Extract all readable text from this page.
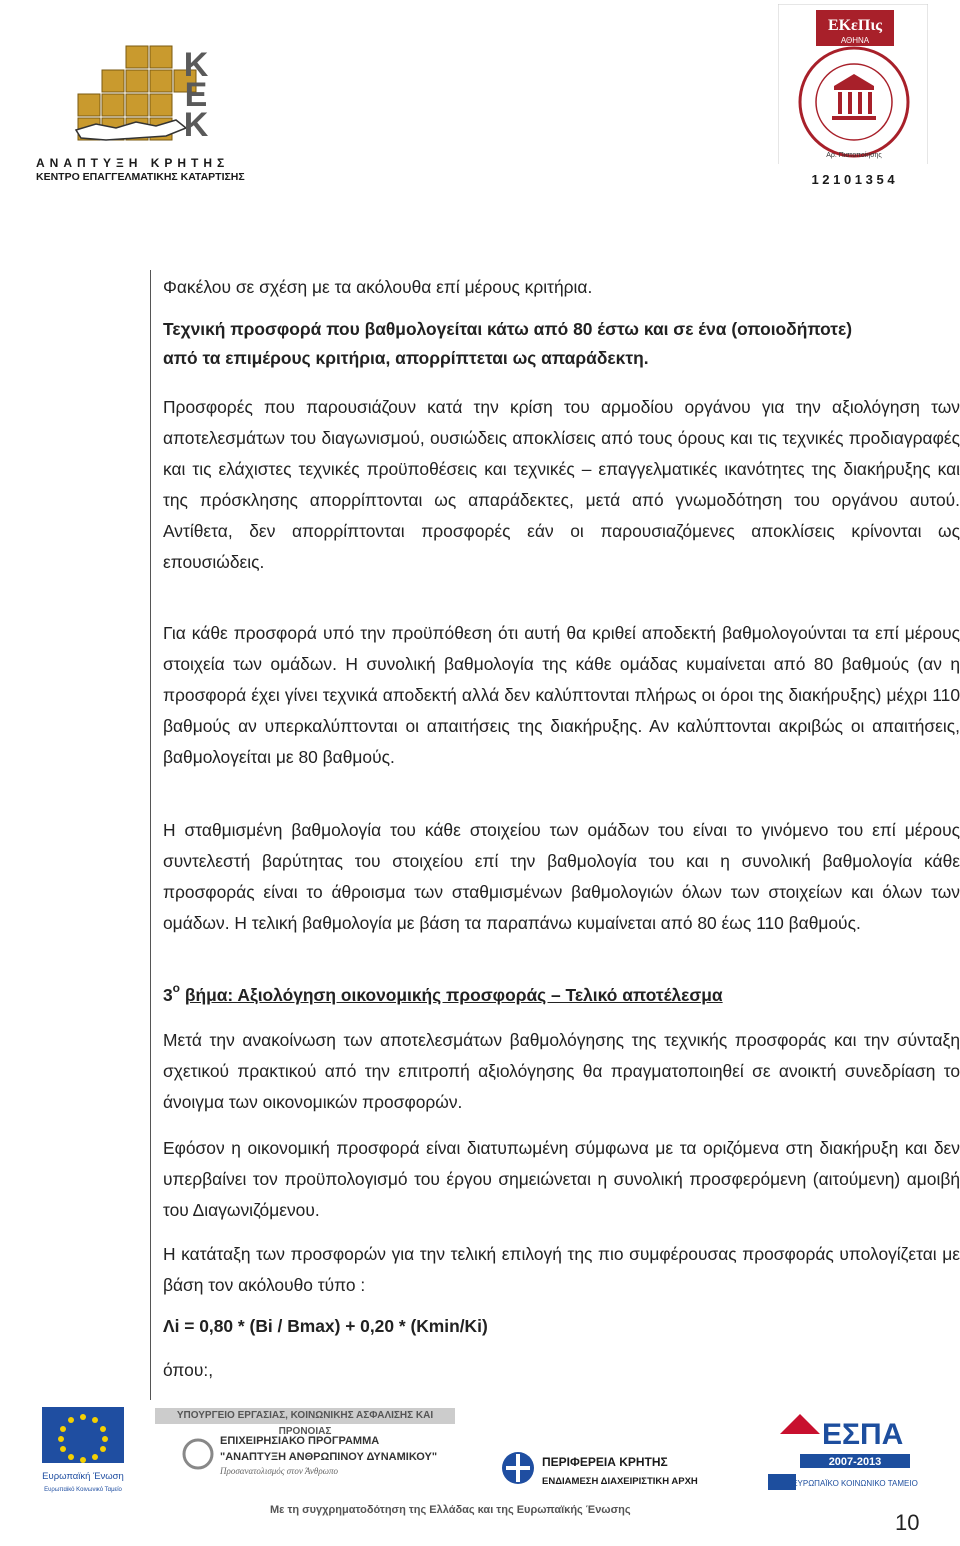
Κ
Ε
Κ
ΑΝΑΠΤΥΞΗ ΚΡΗΤΗΣ
ΚΕΝΤΡΟ ΕΠΑΓΓΕΛΜΑΤΙΚΗΣ ΚΑΤΑΡΤΙΣΗΣ
ΕΚεΠις
ΑΘΗΝΑ
Αρ. Πιστοποίησης
1 2 1 0 1 3 5 4
Φακέλου σε σχέση με τα ακόλουθα επί μέρους κριτήρια.
Τεχνική προσφορά που βαθμολογείται κάτω από 80 έστω και σε ένα (οποιοδήποτε)
από τα επιμέρους κριτήρια, απορρίπτεται ως απαράδεκτη.
Προσφορές που παρουσιάζουν κατά την κρίση του αρμοδίου οργάνου για την αξιολόγηση των αποτελεσμάτων του διαγωνισμού, ουσιώδεις αποκλίσεις από τους όρους και τις τεχνικές προδιαγραφές και τις ελάχιστες τεχνικές προϋποθέσεις και τεχνικές – επαγγελματικές ικανότητες της διακήρυξης και της πρόσκλησης απορρίπτονται ως απαράδεκτες, μετά από γνωμοδότηση του οργάνου αυτού. Αντίθετα, δεν απορρίπτονται προσφορές εάν οι παρουσιαζόμενες αποκλίσεις κρίνονται ως επουσιώδεις.
Για κάθε προσφορά υπό την προϋπόθεση ότι αυτή θα κριθεί αποδεκτή βαθμολογούνται τα επί μέρους στοιχεία των ομάδων. Η συνολική βαθμολογία της κάθε ομάδας κυμαίνεται από 80 βαθμούς (αν η προσφορά έχει γίνει τεχνικά αποδεκτή αλλά δεν καλύπτονται πλήρως οι όροι της διακήρυξης) μέχρι 110 βαθμούς αν υπερκαλύπτονται οι απαιτήσεις της διακήρυξης. Αν καλύπτονται ακριβώς οι απαιτήσεις, βαθμολογείται με 80 βαθμούς.
Η σταθμισμένη βαθμολογία του κάθε στοιχείου των ομάδων του είναι το γινόμενο του επί μέρους συντελεστή βαρύτητας του στοιχείου επί την βαθμολογία του και η συνολική βαθμολογία κάθε προσφοράς είναι το άθροισμα των σταθμισμένων βαθμολογιών όλων των στοιχείων και όλων των ομάδων. Η τελική βαθμολογία με βάση τα παραπάνω κυμαίνεται από 80 έως 110 βαθμούς.
$3^o$ βήμα: Αξιολόγηση οικονομικής προσφοράς – Τελικό αποτέλεσμα
Μετά την ανακοίνωση των αποτελεσμάτων βαθμολόγησης της τεχνικής προσφοράς και την σύνταξη σχετικού πρακτικού από την επιτροπή αξιολόγησης θα πραγματοποιηθεί σε ανοικτή συνεδρίαση το άνοιγμα των οικονομικών προσφορών.
Εφόσον η οικονομική προσφορά είναι διατυπωμένη σύμφωνα με τα οριζόμενα στη διακήρυξη και δεν υπερβαίνει τον προϋπολογισμό του έργου σημειώνεται η συνολική προσφερόμενη (αιτούμενη) αμοιβή του Διαγωνιζόμενου.
Η κατάταξη των προσφορών για την τελική επιλογή της πιο συμφέρουσας προσφοράς υπολογίζεται με βάση τον ακόλουθο τύπο :
Λi = 0,80 * (Bi / Bmax) + 0,20 * (Kmin/Ki)
όπου:,
Ευρωπαϊκή Ένωση
Ευρωπαϊκό Κοινωνικό Ταμείο
ΥΠΟΥΡΓΕΙΟ ΕΡΓΑΣΙΑΣ, ΚΟΙΝΩΝΙΚΗΣ ΑΣΦΑΛΙΣΗΣ ΚΑΙ ΠΡΟΝΟΙΑΣ
ΕΠΙΧΕΙΡΗΣΙΑΚΟ ΠΡΟΓΡΑΜΜΑ
"ΑΝΑΠΤΥΞΗ ΑΝΘΡΩΠΙΝΟΥ ΔΥΝΑΜΙΚΟΥ"
Προσανατολισμός στον Άνθρωπο
ΠΕΡΙΦΕΡΕΙΑ ΚΡΗΤΗΣ
ΕΝΔΙΑΜΕΣΗ ΔΙΑΧΕΙΡΙΣΤΙΚΗ ΑΡΧΗ
ΕΣΠΑ
2007-2013
ΕΥΡΩΠΑΪΚΟ ΚΟΙΝΩΝΙΚΟ ΤΑΜΕΙΟ
Με τη συγχρηματοδότηση της Ελλάδας και της Ευρωπαϊκής Ένωσης	10
